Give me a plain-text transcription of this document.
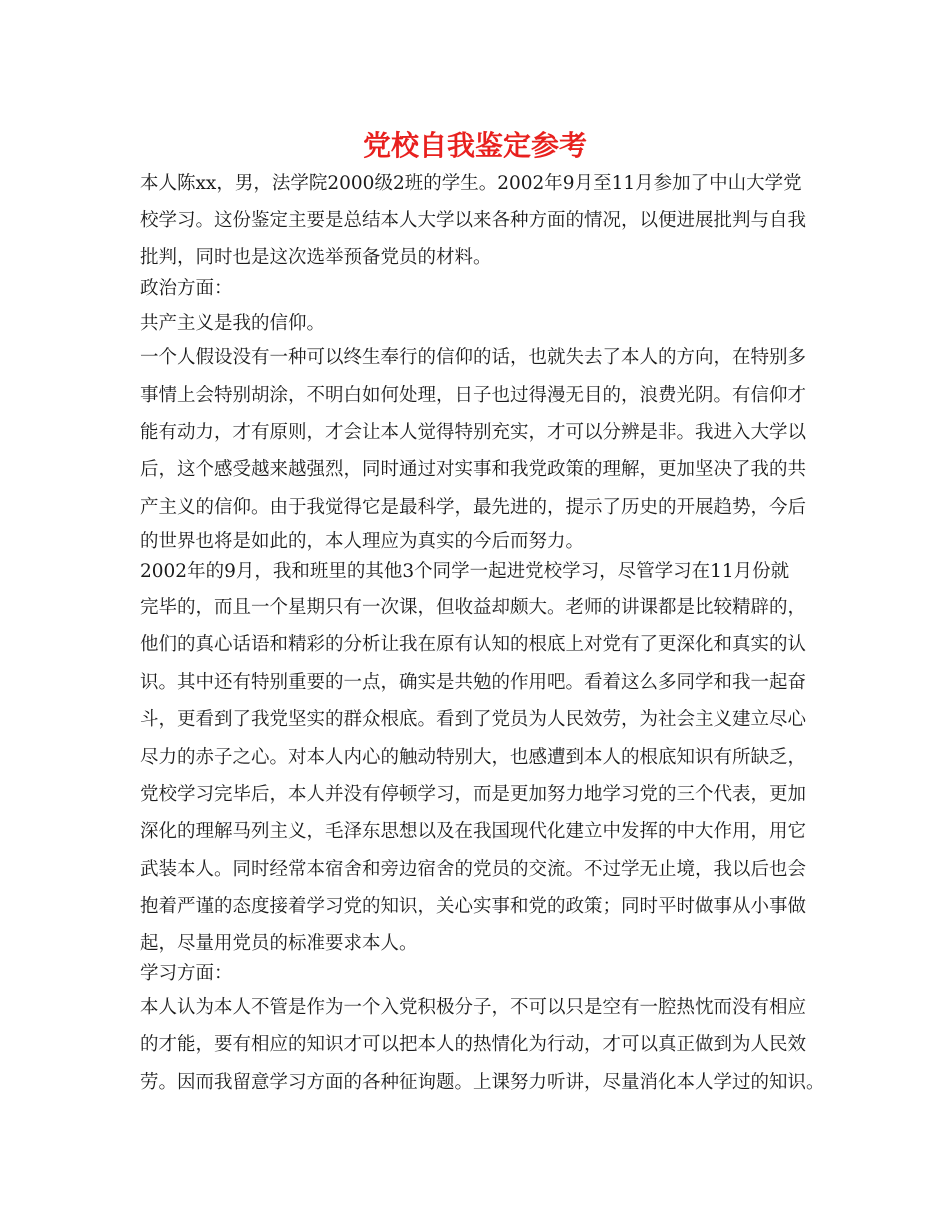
党校自我鉴定参考

本人陈xx，男，法学院2000级2班的学生。2002年9月至11月参加了中山大学党

校学习。这份鉴定主要是总结本人大学以来各种方面的情况，以便进展批判与自我

批判，同时也是这次选举预备党员的材料。

政治方面：

共产主义是我的信仰。

一个人假设没有一种可以终生奉行的信仰的话，也就失去了本人的方向，在特别多

事情上会特别胡涂，不明白如何处理，日子也过得漫无目的，浪费光阴。有信仰才

能有动力，才有原则，才会让本人觉得特别充实，才可以分辨是非。我进入大学以

后，这个感受越来越强烈，同时通过对实事和我党政策的理解，更加坚决了我的共

产主义的信仰。由于我觉得它是最科学，最先进的，提示了历史的开展趋势，今后

的世界也将是如此的，本人理应为真实的今后而努力。

2002年的9月，我和班里的其他3个同学一起进党校学习，尽管学习在11月份就

完毕的，而且一个星期只有一次课，但收益却颇大。老师的讲课都是比较精辟的，

他们的真心话语和精彩的分析让我在原有认知的根底上对党有了更深化和真实的认

识。其中还有特别重要的一点，确实是共勉的作用吧。看着这么多同学和我一起奋

斗，更看到了我党坚实的群众根底。看到了党员为人民效劳，为社会主义建立尽心

尽力的赤子之心。对本人内心的触动特别大，也感遭到本人的根底知识有所缺乏，

党校学习完毕后，本人并没有停顿学习，而是更加努力地学习党的三个代表，更加

深化的理解马列主义，毛泽东思想以及在我国现代化建立中发挥的中大作用，用它

武装本人。同时经常本宿舍和旁边宿舍的党员的交流。不过学无止境，我以后也会

抱着严谨的态度接着学习党的知识，关心实事和党的政策；同时平时做事从小事做

起，尽量用党员的标准要求本人。

学习方面：

本人认为本人不管是作为一个入党积极分子，不可以只是空有一腔热忱而没有相应

的才能，要有相应的知识才可以把本人的热情化为行动，才可以真正做到为人民效

劳。因而我留意学习方面的各种征询题。上课努力听讲，尽量消化本人学过的知识。
